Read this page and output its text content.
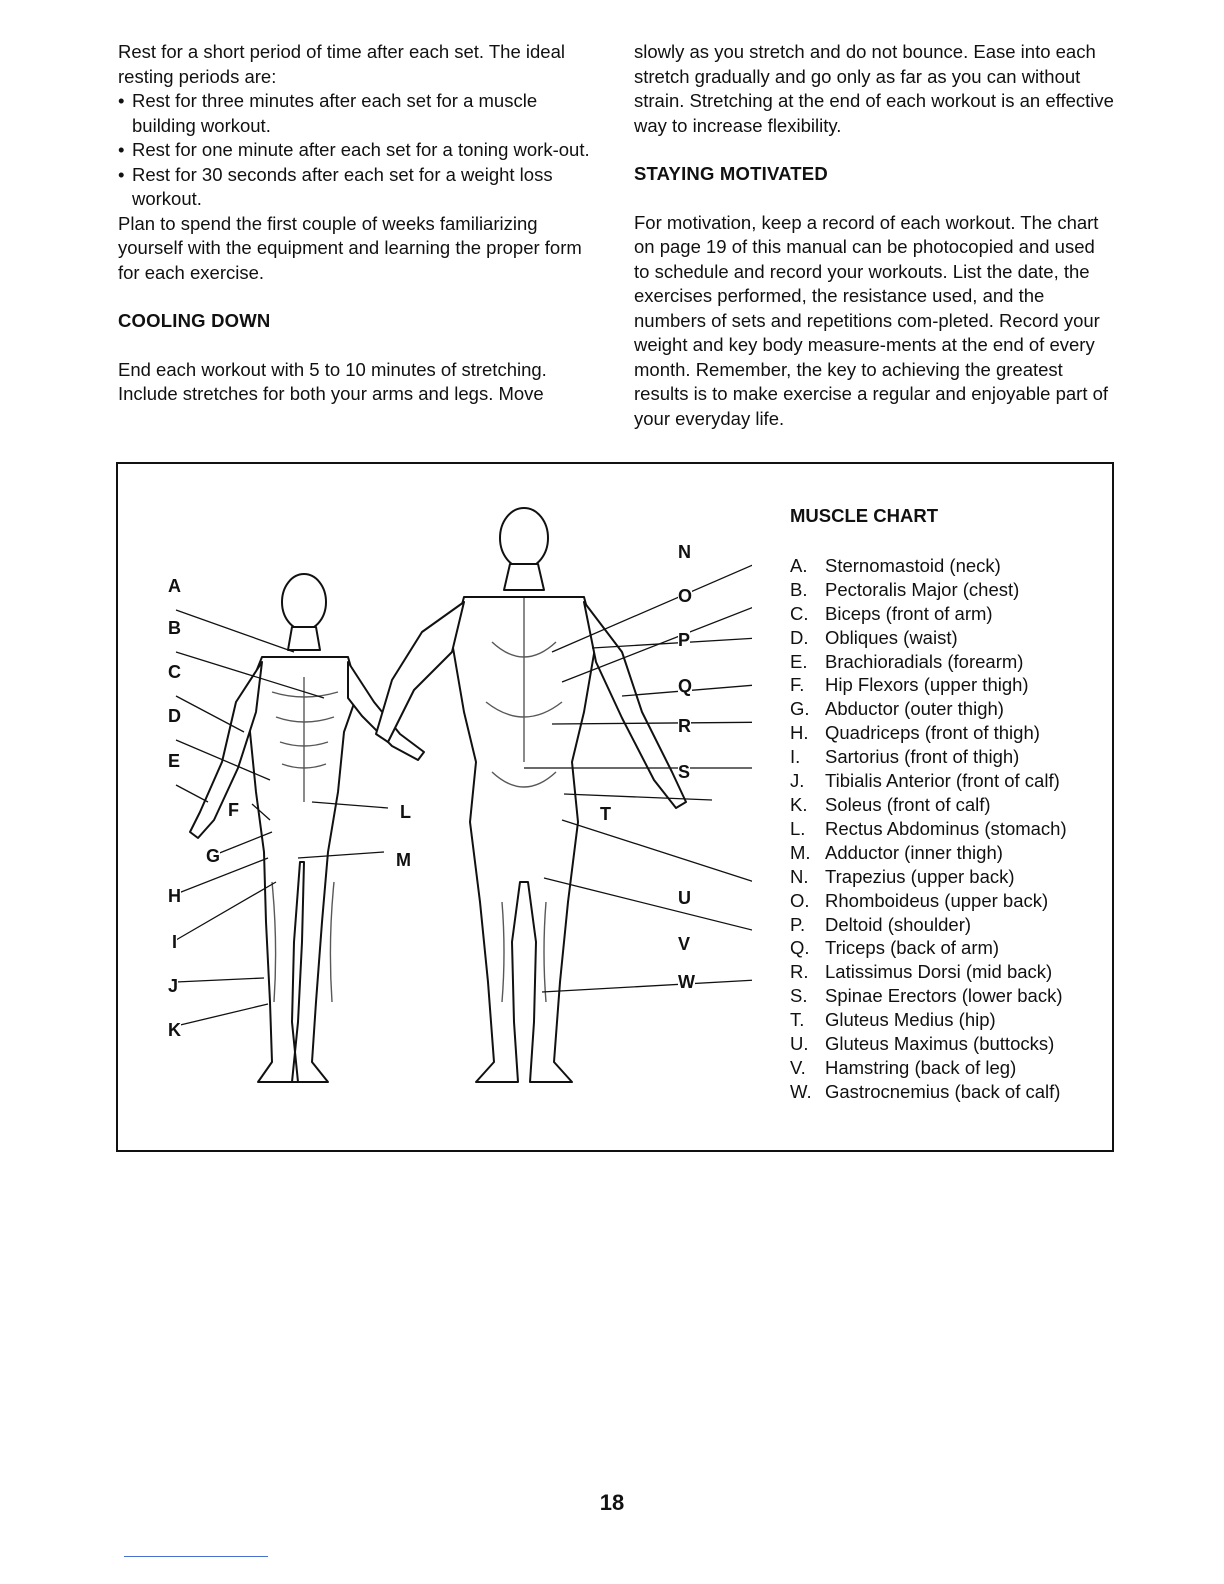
Rest for a short period of time after each set. The ideal resting periods are:

• Rest for three minutes after each set for a muscle building workout.
• Rest for one minute after each set for a toning work-out.
• Rest for 30 seconds after each set for a weight loss workout.

Plan to spend the first couple of weeks familiarizing yourself with the equipment and learning the proper form for each exercise.

COOLING DOWN

End each workout with 5 to 10 minutes of stretching. Include stretches for both your arms and legs. Move

slowly as you stretch and do not bounce. Ease into each stretch gradually and go only as far as you can without strain. Stretching at the end of each workout is an effective way to increase flexibility.

STAYING MOTIVATED

For motivation, keep a record of each workout. The chart on page 19 of this manual can be photocopied and used to schedule and record your workouts. List the date, the exercises performed, the resistance used, and the numbers of sets and repetitions com-pleted. Record your weight and key body measure-ments at the end of every month. Remember, the key to achieving the greatest results is to make exercise a regular and enjoyable part of your everyday life.

A
B
C
D
E
F
G
H
I
J
K
L
M
N
O
P
Q
R
S
T
U
V
W
MUSCLE CHART
A. Sternomastoid (neck)
B. Pectoralis Major (chest)
C. Biceps (front of arm)
D. Obliques (waist)
E. Brachioradials (forearm)
F.	Hip Flexors (upper thigh)
G. Abductor (outer thigh)
H. Quadriceps (front of thigh)
I.	Sartorius (front of thigh)
J.	Tibialis Anterior (front of calf)
K. Soleus (front of calf)
L.	Rectus Abdominus (stomach)
M. Adductor (inner thigh)
N. Trapezius (upper back)
O. Rhomboideus (upper back)
P.	Deltoid (shoulder)
Q. Triceps (back of arm)
R. Latissimus Dorsi (mid back)
S. Spinae Erectors (lower back)
T.	Gluteus Medius (hip)
U. Gluteus Maximus (buttocks)
V.	Hamstring (back of leg)
W. Gastrocnemius (back of calf)
18
